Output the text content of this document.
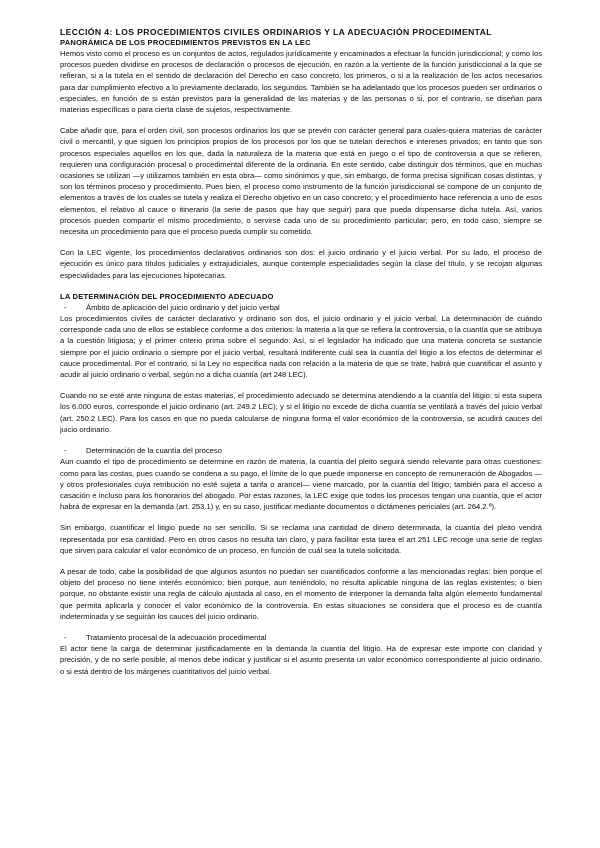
LECCIÓN 4: LOS PROCEDIMIENTOS CIVILES ORDINARIOS Y LA ADECUACIÓN PROCEDIMENTAL
PANORÁMICA DE LOS PROCEDIMIENTOS PREVISTOS EN LA LEC

Hemos visto como el proceso es un conjuntos de actos, regulados jurídicamente y encaminados a efectuar la función jurisdiccional; y como los procesos pueden dividirse en procesos de declaración o procesos de ejecución, en razón a la vertiente de la función jurisdiccional a la que se refieran, si a la tutela en el sentido de declaración del Derecho en caso concreto, los primeros, o si a la realización de los actos necesarios para dar cumplimiento efectivo a lo previamente declarado, los segundos. También se ha adelantado que los procesos pueden ser ordinarios o especiales, en función de si están previstos para la generalidad de las materias y de las personas o si, por el contrario, se diseñan para materias específicas o para cierta clase de sujetos, respectivamente.

Cabe añadir que, para el orden civil, son procesos ordinarios los que se prevén con carácter general para cuales-quiera materias de carácter civil o mercantil, y que siguen los principios propios de los procesos por los que se tutelan derechos e intereses privados; en tanto que son procesos especiales aquellos en los que, dada la naturaleza de la materia que está en juego o el tipo de controversia a que se refieren, requieren una configuración procesal o procedimental diferente de la ordinaria. En este sentido, cabe distinguir dos términos, que en muchas ocasiones se utilizan —y utilizamos también en esta obra— como sinónimos y que, sin embargo, de forma precisa significan cosas distintas, y son los términos proceso y procedimiento. Pues bien, el proceso como instrumento de la función jurisdiccional se compone de un conjunto de elementos a través de los cuales se tutela y realiza el Derecho objetivo en un caso concreto; y el procedimiento hace referencia a uno de esos elementos, el relativo al cauce o itinerario (la serie de pasos que hay que seguir) para que pueda dispensarse dicha tutela. Así, varios procesos pueden compartir el mismo procedimiento, o servirse cada uno de su procedimiento particular; pero, en todo caso, siempre se necesita un procedimiento para que el proceso pueda cumplir su cometido.

Con la LEC vigente, los procedimientos declarativos ordinarios son dos: el juicio ordinario y el juicio verbal. Por su lado, el proceso de ejecución es único para títulos judiciales y extrajudiciales, aunque contemple especialidades según la clase del título, y se recojan algunas especialidades para las ejecuciones hipotecarias.

LA DETERMINACIÓN DEL PROCEDIMIENTO ADECUADO
-	Ámbito de aplicación del juicio ordinario y del juicio verbal

Los procedimientos civiles de carácter declarativo y ordinario son dos, el juicio ordinario y el juicio verbal. La determinación de cuándo corresponde cada uno de ellos se establece conforme a dos criterios: la materia a la que se refiera la controversia, o la cuantía que se atribuya a la cuestión litigiosa; y el primer criterio prima sobre el segundo. Así, si el legislador ha indicado que una materia concreta se sustancie siempre por el juicio ordinario o siempre por el juicio verbal, resultará indiferente cuál sea la cuantía del litigio a los efectos de determinar el cauce procedimental. Por el contrario, si la Ley no especifica nada con relación a la materia de que se trate, habrá que cuantificar el asunto y acudir al juicio ordinario o verbal, según no a dicha cuantía (art 248 LEC).

Cuando no se esté ante ninguna de estas materias, el procedimiento adecuado se determina atendiendo a la cuantía del litigio: si esta supera los 6.000 euros, corresponde el juicio ordinario (art. 249.2 LEC); y si el litigio no excede de dicha cuantía se ventilará a través del juicio verbal (art. 250.2 LEC). Para los casos en que no pueda calcularse de ninguna forma el valor económico de la controversia, se acudirá cauces del juicio ordinario.

-	Determinación de la cuantía del proceso

Aun cuando el tipo de procedimiento se determine en razón de materia, la cuantía del pleito seguirá siendo relevante para otras cuestiones: como para las costas, pues cuando se condena a su pago, el límite de lo que puede imponerse en concepto de remuneración de Abogados —y otros profesionales cuya retribución no esté sujeta a tarifa o arancel— viene marcado, por la cuantía del litigio; también para el acceso a casación e incluso para los honorarios del abogado. Por estas razones, la LEC exige que todos los procesos tengan una cuantía, que el actor habrá de expresar en la demanda (art. 253.1) y, en su caso, justificar mediante documentos o dictámenes periciales (art. 264.2.º).

Sin embargo, cuantificar el litigio puede no ser sencillo. Si se reclama una cantidad de dinero determinada, la cuantía del pleito vendrá representada por esa cantidad. Pero en otros casos no resulta tan claro, y para facilitar esta tarea el art 251 LEC recoge una serie de reglas que sirven para calcular el valor económico de un proceso, en función de cuál sea la tutela solicitada.

A pesar de todo, cabe la posibilidad de que algunos asuntos no puedan ser cuantificados conforme a las mencionadas reglas: bien porque el objeto del proceso no tiene interés económico; bien porque, aun teniéndolo, no resulta aplicable ninguna de las reglas existentes; o bien porque, no obstante existir una regla de cálculo ajustada al caso, en el momento de interponer la demanda falta algún elemento fundamental que permita aplicarla y conocer el valor económico de la controversia. En estas situaciones se considera que el proceso es de cuantía indeterminada y se seguirán los cauces del juicio ordinario.

-	Tratamiento procesal de la adecuación procedimental

El actor tiene la carga de determinar justificadamente en la demanda la cuantía del litigio. Ha de expresar este importe con claridad y precisión, y de no serle posible, al menos debe indicar y justificar si el asunto presenta un valor económico correspondiente al juicio ordinario, o si está dentro de los márgenes cuantitativos del juicio verbal.
